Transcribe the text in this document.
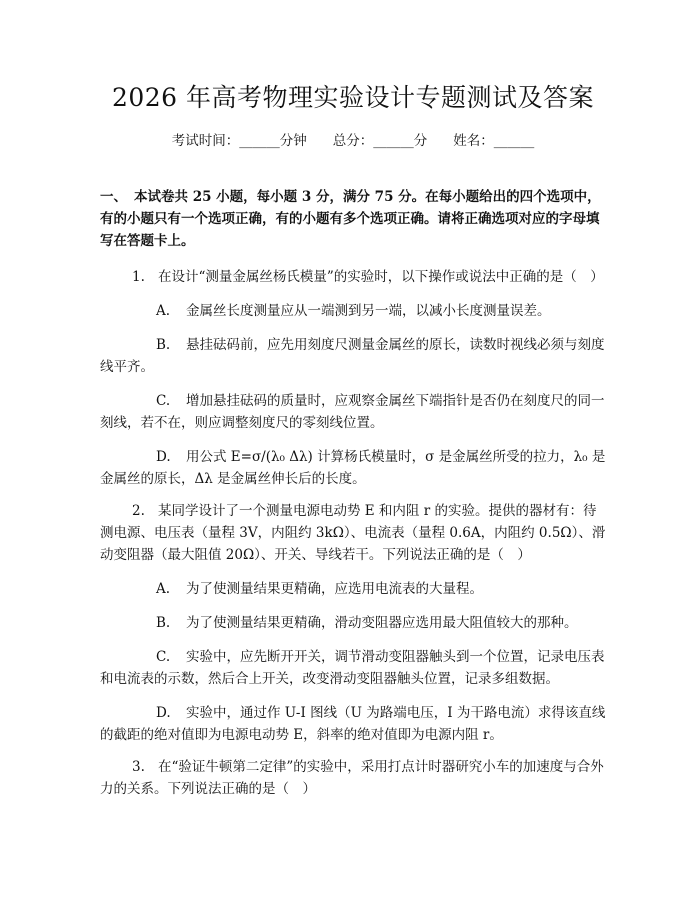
2026 年高考物理实验设计专题测试及答案
考试时间：______分钟 总分：______分 姓名：______
一、 本试卷共 25 小题，每小题 3 分，满分 75 分。在每小题给出的四个选项中，有的小题只有一个选项正确，有的小题有多个选项正确。请将正确选项对应的字母填写在答题卡上。

1. 在设计“测量金属丝杨氏模量”的实验时，以下操作或说法中正确的是（　）

A. 金属丝长度测量应从一端测到另一端，以减小长度测量误差。

B. 悬挂砝码前，应先用刻度尺测量金属丝的原长，读数时视线必须与刻度线平齐。

C. 增加悬挂砝码的质量时，应观察金属丝下端指针是否仍在刻度尺的同一刻线，若不在，则应调整刻度尺的零刻线位置。

D. 用公式 E=σ/(λ₀ Δλ) 计算杨氏模量时，σ 是金属丝所受的拉力，λ₀ 是金属丝的原长，Δλ 是金属丝伸长后的长度。

2. 某同学设计了一个测量电源电动势 E 和内阻 r 的实验。提供的器材有：待测电源、电压表（量程 3V，内阻约 3kΩ）、电流表（量程 0.6A，内阻约 0.5Ω）、滑动变阻器（最大阻值 20Ω）、开关、导线若干。下列说法正确的是（　）

A. 为了使测量结果更精确，应选用电流表的大量程。

B. 为了使测量结果更精确，滑动变阻器应选用最大阻值较大的那种。

C. 实验中，应先断开开关，调节滑动变阻器触头到一个位置，记录电压表和电流表的示数，然后合上开关，改变滑动变阻器触头位置，记录多组数据。

D. 实验中，通过作 U-I 图线（U 为路端电压，I 为干路电流）求得该直线的截距的绝对值即为电源电动势 E，斜率的绝对值即为电源内阻 r。

3. 在“验证牛顿第二定律”的实验中，采用打点计时器研究小车的加速度与合外力的关系。下列说法正确的是（　）
